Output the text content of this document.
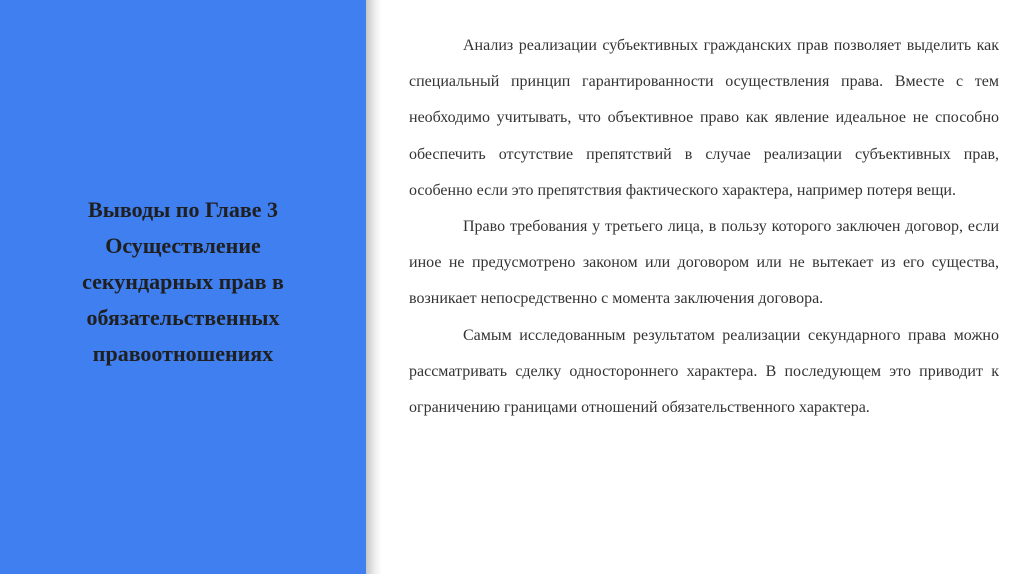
Выводы по Главе 3
Осуществление
секундарных прав в
обязательственных
правоотношениях

Анализ реализации субъективных гражданских прав позволяет выделить как специальный принцип гарантированности осуществления права. Вместе с тем необходимо учитывать, что объективное право как явление идеальное не способно обеспечить отсутствие препятствий в случае реализации субъективных прав, особенно если это препятствия фактического характера, например потеря вещи.

Право требования у третьего лица, в пользу которого заключен договор, если иное не предусмотрено законом или договором или не вытекает из его существа, возникает непосредственно с момента заключения договора.

Самым исследованным результатом реализации секундарного права можно рассматривать сделку одностороннего характера. В последующем это приводит к ограничению границами отношений обязательственного характера.
